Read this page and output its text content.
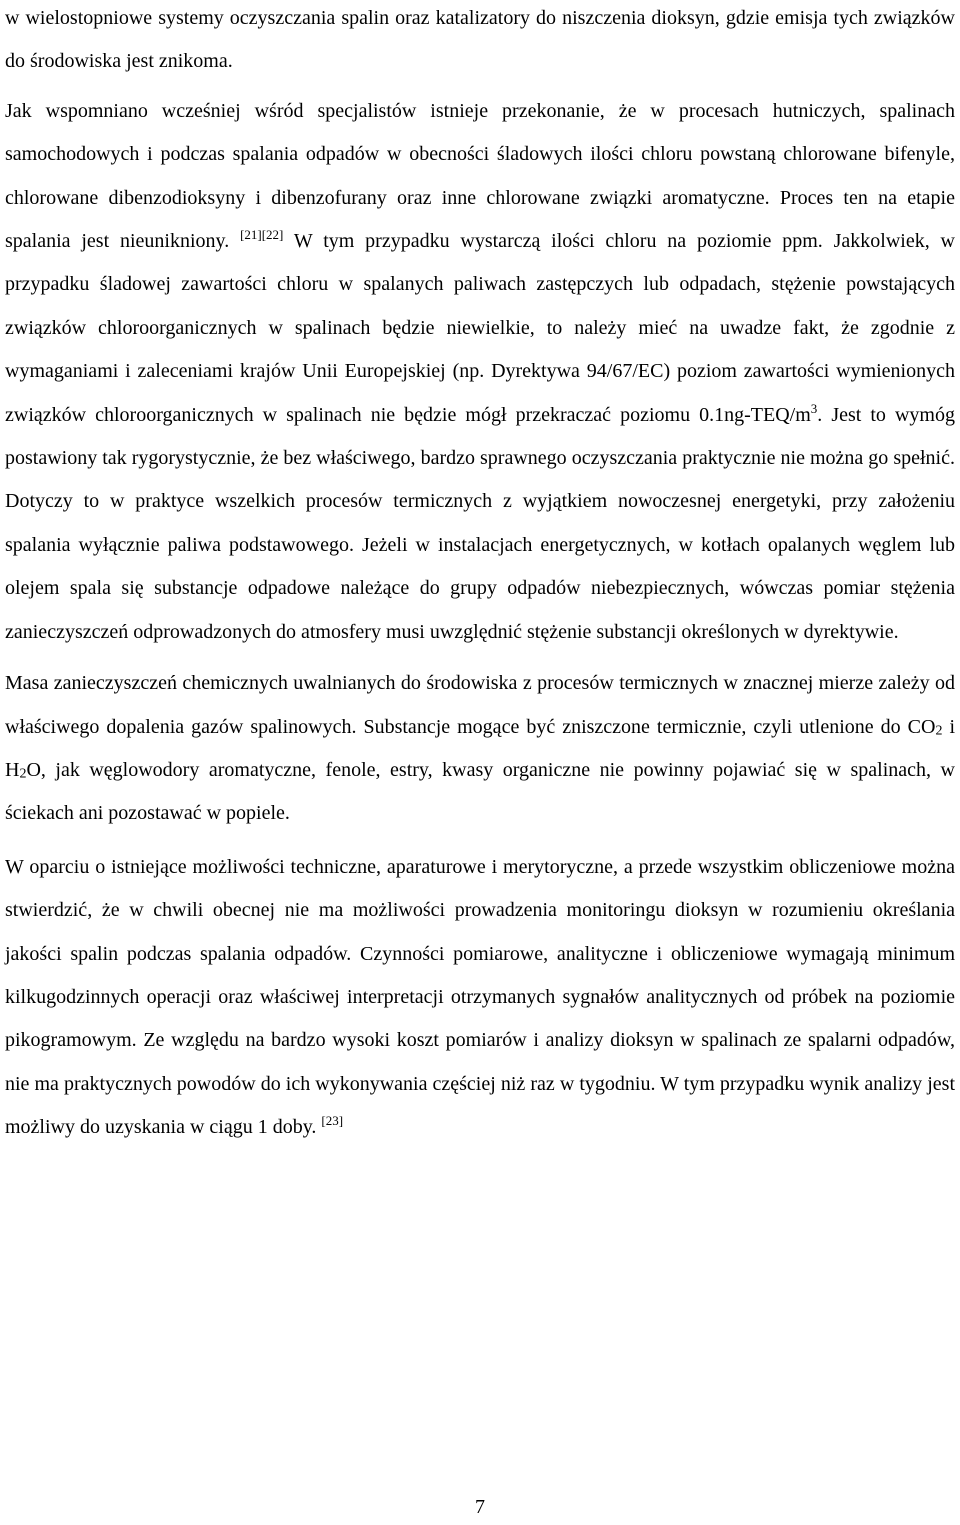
w wielostopniowe systemy oczyszczania spalin oraz katalizatory do niszczenia dioksyn, gdzie emisja tych związków do środowiska jest znikoma.

Jak wspomniano wcześniej wśród specjalistów istnieje przekonanie, że w procesach hutniczych, spalinach samochodowych i podczas spalania odpadów w obecności śladowych ilości chloru powstaną chlorowane bifenyle, chlorowane dibenzodioksyny i dibenzofurany oraz inne chlorowane związki aromatyczne. Proces ten na etapie spalania jest nieunikniony. [21][22] W tym przypadku wystarczą ilości chloru na poziomie ppm. Jakkolwiek, w przypadku śladowej zawartości chloru w spalanych paliwach zastępczych lub odpadach, stężenie powstających związków chloroorganicznych w spalinach będzie niewielkie, to należy mieć na uwadze fakt, że zgodnie z wymaganiami i zaleceniami krajów Unii Europejskiej (np. Dyrektywa 94/67/EC) poziom zawartości wymienionych związków chloroorganicznych w spalinach nie będzie mógł przekraczać poziomu $0.1ng-TEQ/m^3$. Jest to wymóg postawiony tak rygorystycznie, że bez właściwego, bardzo sprawnego oczyszczania praktycznie nie można go spełnić. Dotyczy to w praktyce wszelkich procesów termicznych z wyjątkiem nowoczesnej energetyki, przy założeniu spalania wyłącznie paliwa podstawowego. Jeżeli w instalacjach energetycznych, w kotłach opalanych węglem lub olejem spala się substancje odpadowe należące do grupy odpadów niebezpiecznych, wówczas pomiar stężenia zanieczyszczeń odprowadzonych do atmosfery musi uwzględnić stężenie substancji określonych w dyrektywie.

Masa zanieczyszczeń chemicznych uwalnianych do środowiska z procesów termicznych w znacznej mierze zależy od właściwego dopalenia gazów spalinowych. Substancje mogące być zniszczone termicznie, czyli utlenione do $CO_2$ i $H_2O$, jak węglowodory aromatyczne, fenole, estry, kwasy organiczne nie powinny pojawiać się w spalinach, w ściekach ani pozostawać w popiele.

W oparciu o istniejące możliwości techniczne, aparaturowe i merytoryczne, a przede wszystkim obliczeniowe można stwierdzić, że w chwili obecnej nie ma możliwości prowadzenia monitoringu dioksyn w rozumieniu określania jakości spalin podczas spalania odpadów. Czynności pomiarowe, analityczne i obliczeniowe wymagają minimum kilkugodzinnych operacji oraz właściwej interpretacji otrzymanych sygnałów analitycznych od próbek na poziomie pikogramowym. Ze względu na bardzo wysoki koszt pomiarów i analizy dioksyn w spalinach ze spalarni odpadów, nie ma praktycznych powodów do ich wykonywania częściej niż raz w tygodniu. W tym przypadku wynik analizy jest możliwy do uzyskania w ciągu 1 doby. [23]

7
